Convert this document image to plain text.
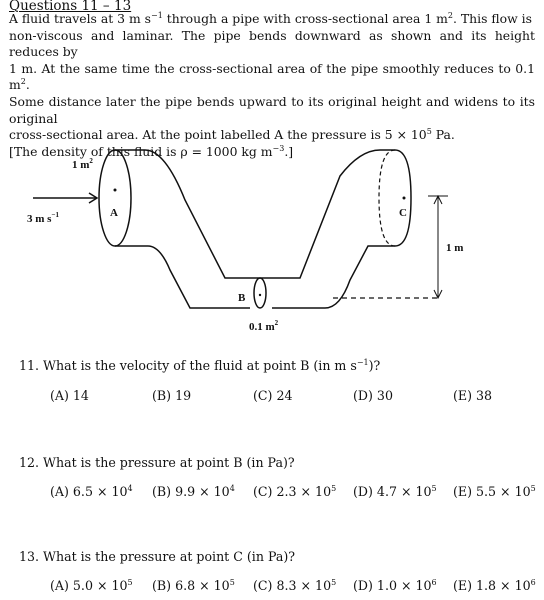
Questions 11 – 13

A fluid travels at 3 m $s^{-1}$ through a pipe with cross-sectional area 1 $m^2$. This flow is

non-viscous and laminar. The pipe bends downward as shown and its height reduces by

1 m. At the same time the cross-sectional area of the pipe smoothly reduces to 0.1 $m^2$.

Some distance later the pipe bends upward to its original height and widens to its original

cross-sectional area. At the point labelled A the pressure is $5 \times 10^5$ Pa.

[The density of this fluid is ρ = 1000 kg $m^{-3}$.]

1 $m^2$
3 m $s^{-1}$	A
B
C
1 m
0.1 $m^2$
11. What is the velocity of the fluid at point B (in m $s^{-1}$)?
(A) 14	(B) 19	(C) 24	(D) 30	(E) 38
12. What is the pressure at point B (in Pa)?
(A) $6.5 \times 10^4$ (B) $9.9 \times 10^4$ (C) $2.3 \times 10^5$ (D) $4.7 \times 10^5$ (E) $5.5 \times 10^5$
13. What is the pressure at point C (in Pa)?
(A) $5.0 \times 10^5$ (B) $6.8 \times 10^5$ (C) $8.3 \times 10^5$ (D) $1.0 \times 10^6$ (E) $1.8 \times 10^6$
